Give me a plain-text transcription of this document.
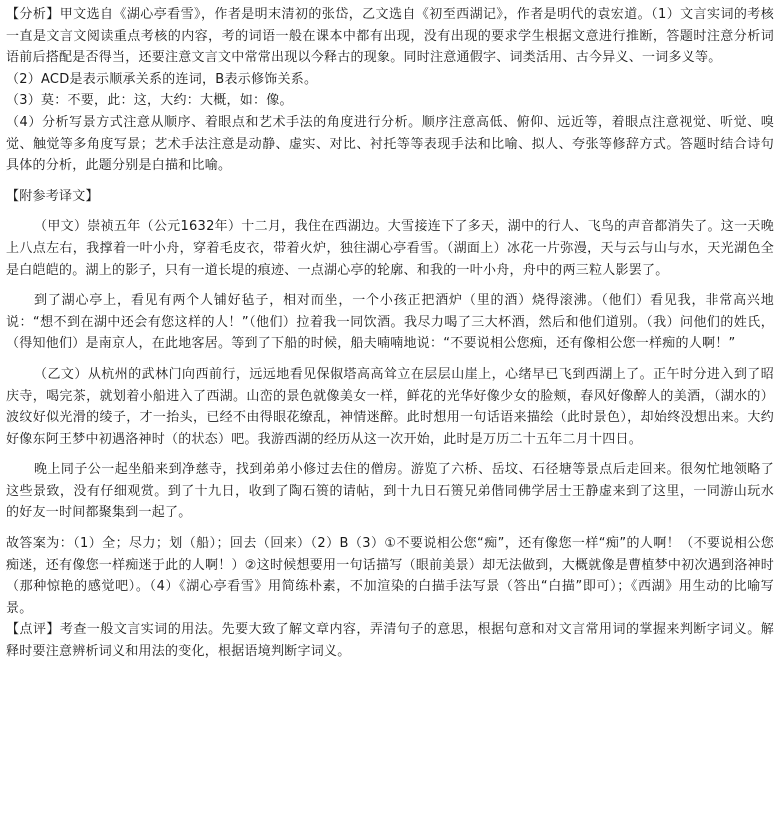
【分析】甲文选自《湖心亭看雪》，作者是明末清初的张岱，乙文选自《初至西湖记》，作者是明代的袁宏道。（1）文言实词的考核一直是文言文阅读重点考核的内容，考的词语一般在课本中都有出现，没有出现的要求学生根据文意进行推断，答题时注意分析词语前后搭配是否得当，还要注意文言文中常常出现以今释古的现象。同时注意通假字、词类活用、古今异义、一词多义等。

（2）ACD是表示顺承关系的连词，B表示修饰关系。

（3）莫：不要，此：这，大约：大概，如：像。

（4）分析写景方式注意从顺序、着眼点和艺术手法的角度进行分析。顺序注意高低、俯仰、远近等，着眼点注意视觉、听觉、嗅觉、触觉等多角度写景；艺术手法注意是动静、虚实、对比、衬托等等表现手法和比喻、拟人、夸张等修辞方式。答题时结合诗句具体的分析，此题分别是白描和比喻。

【附参考译文】

（甲文）崇祯五年（公元1632年）十二月，我住在西湖边。大雪接连下了多天，湖中的行人、飞鸟的声音都消失了。这一天晚上八点左右，我撑着一叶小舟，穿着毛皮衣，带着火炉，独往湖心亭看雪。（湖面上）冰花一片弥漫，天与云与山与水，天光湖色全是白皑皑的。湖上的影子，只有一道长堤的痕迹、一点湖心亭的轮廓、和我的一叶小舟，舟中的两三粒人影罢了。

到了湖心亭上，看见有两个人铺好毡子，相对而坐，一个小孩正把酒炉（里的酒）烧得滚沸。（他们）看见我，非常高兴地说：“想不到在湖中还会有您这样的人！”（他们）拉着我一同饮酒。我尽力喝了三大杯酒，然后和他们道别。（我）问他们的姓氏，（得知他们）是南京人，在此地客居。等到了下船的时候，船夫喃喃地说：“不要说相公您痴，还有像相公您一样痴的人啊！”

（乙文）从杭州的武林门向西前行，远远地看见保俶塔高高耸立在层层山崖上，心绪早已飞到西湖上了。正午时分进入到了昭庆寺，喝完茶，就划着小船进入了西湖。山峦的景色就像美女一样，鲜花的光华好像少女的脸颊，春风好像醉人的美酒，（湖水的）波纹好似光滑的绫子，才一抬头，已经不由得眼花缭乱，神情迷醉。此时想用一句话语来描绘（此时景色），却始终没想出来。大约好像东阿王梦中初遇洛神时（的状态）吧。我游西湖的经历从这一次开始，此时是万历二十五年二月十四日。

晚上同子公一起坐船来到净慈寺，找到弟弟小修过去住的僧房。游览了六桥、岳坟、石径塘等景点后走回来。很匆忙地领略了这些景致，没有仔细观赏。到了十九日，收到了陶石篑的请帖，到十九日石篑兄弟偕同佛学居士王静虚来到了这里，一同游山玩水的好友一时间都聚集到一起了。

故答案为：（1）全；尽力；划（船）；回去（回来）（2）B（3）①不要说相公您“痴”，还有像您一样“痴”的人啊！（不要说相公您痴迷，还有像您一样痴迷于此的人啊！）②这时候想要用一句话描写（眼前美景）却无法做到，大概就像是曹植梦中初次遇到洛神时（那种惊艳的感觉吧）。（4）《湖心亭看雪》用简练朴素，不加渲染的白描手法写景（答出“白描”即可）；《西湖》用生动的比喻写景。

【点评】考查一般文言实词的用法。先要大致了解文章内容，弄清句子的意思，根据句意和对文言常用词的掌握来判断字词义。解释时要注意辨析词义和用法的变化，根据语境判断字词义。
